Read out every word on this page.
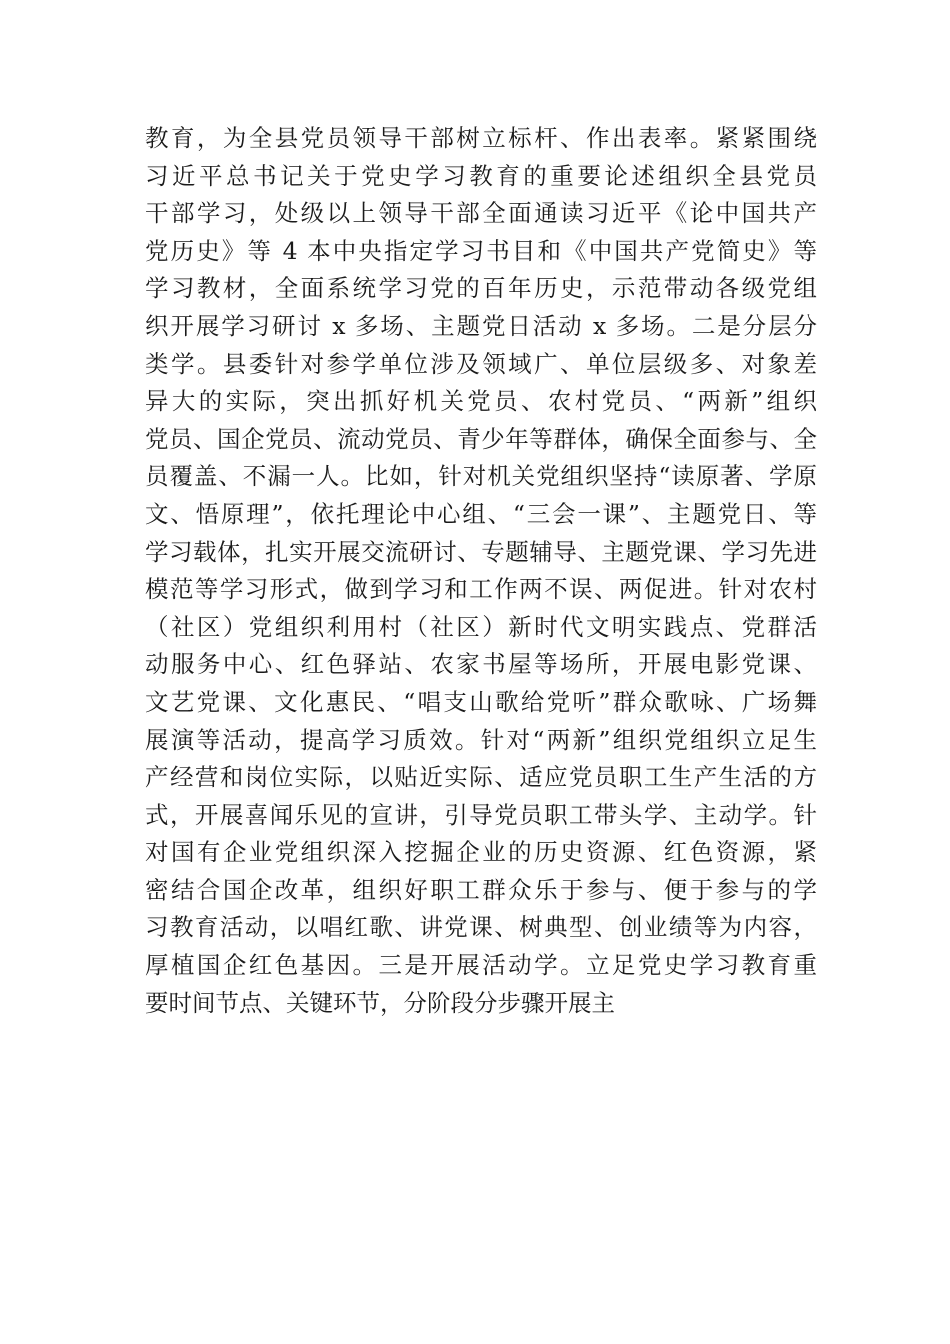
教育，为全县党员领导干部树立标杆、作出表率。紧紧围绕
习近平总书记关于党史学习教育的重要论述组织全县党员
干部学习，处级以上领导干部全面通读习近平《论中国共产
党历史》等 4 本中央指定学习书目和《中国共产党简史》等
学习教材，全面系统学习党的百年历史，示范带动各级党组
织开展学习研讨 x 多场、主题党日活动 x 多场。二是分层分
类学。县委针对参学单位涉及领域广、单位层级多、对象差
异大的实际，突出抓好机关党员、农村党员、“两新”组织
党员、国企党员、流动党员、青少年等群体，确保全面参与、全
员覆盖、不漏一人。比如，针对机关党组织坚持“读原著、学原
文、悟原理”，依托理论中心组、“三会一课”、主题党日、等
学习载体，扎实开展交流研讨、专题辅导、主题党课、学习先进
模范等学习形式，做到学习和工作两不误、两促进。针对农村
（社区）党组织利用村（社区）新时代文明实践点、党群活
动服务中心、红色驿站、农家书屋等场所，开展电影党课、
文艺党课、文化惠民、“唱支山歌给党听”群众歌咏、广场舞
展演等活动，提高学习质效。针对“两新”组织党组织立足生
产经营和岗位实际，以贴近实际、适应党员职工生产生活的方
式，开展喜闻乐见的宣讲，引导党员职工带头学、主动学。针
对国有企业党组织深入挖掘企业的历史资源、红色资源，紧
密结合国企改革，组织好职工群众乐于参与、便于参与的学
习教育活动，以唱红歌、讲党课、树典型、创业绩等为内容，
厚植国企红色基因。三是开展活动学。立足党史学习教育重
要时间节点、关键环节，分阶段分步骤开展主
